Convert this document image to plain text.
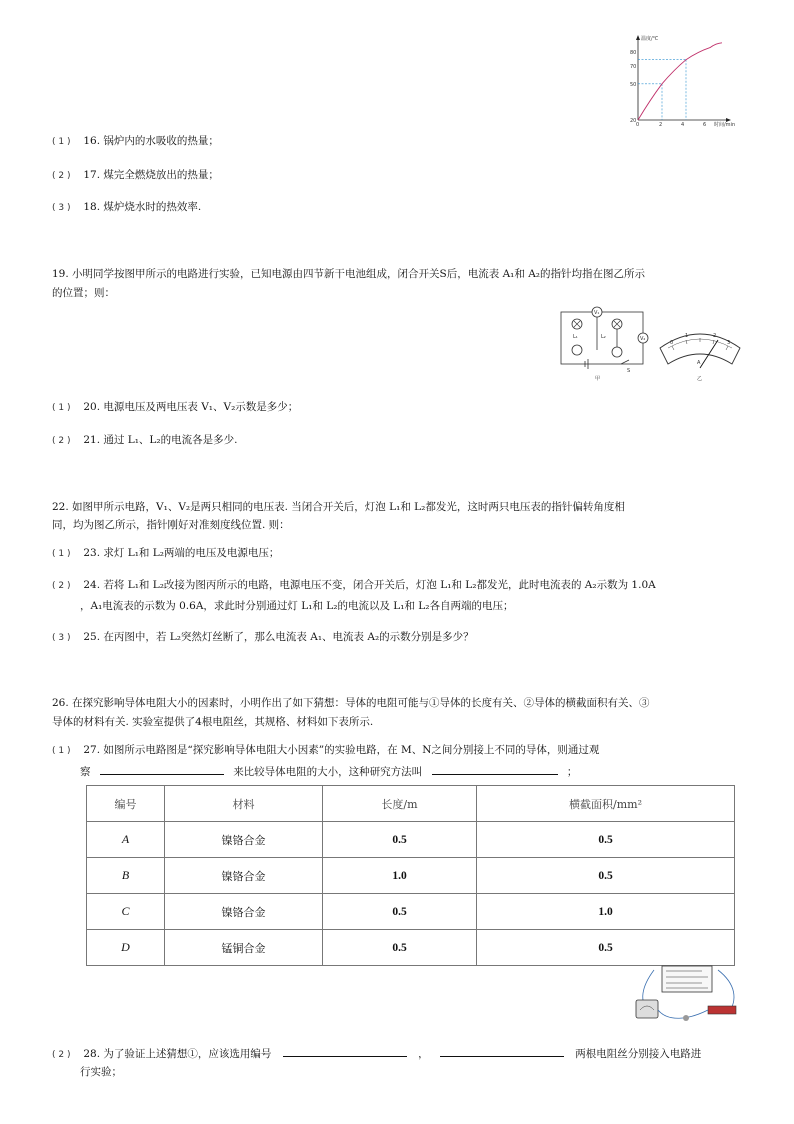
温度/℃
时间/min
80
70
50
20
0	2	4	6
( 1 ) 16. 锅炉内的水吸收的热量；
( 2 ) 17. 煤完全燃烧放出的热量；
( 3 ) 18. 煤炉烧水时的热效率.
19. 小明同学按图甲所示的电路进行实验，已知电源由四节新干电池组成，闭合开关S后，电流表 A₁和 A₂的指针均指在图乙所示
的位置；则：
L₁	L₂
V₁
V₂
S
甲
0
1	2
3
A
乙
( 1 ) 20. 电源电压及两电压表 V₁、V₂示数是多少；
( 2 ) 21. 通过 L₁、L₂的电流各是多少.
22. 如图甲所示电路，V₁、V₂是两只相同的电压表. 当闭合开关后，灯泡 L₁和 L₂都发光，这时两只电压表的指针偏转角度相
同，均为图乙所示，指针刚好对准刻度线位置. 则：
( 1 ) 23. 求灯 L₁和 L₂两端的电压及电源电压；
( 2 ) 24. 若将 L₁和 L₂改接为图丙所示的电路，电源电压不变，闭合开关后，灯泡 L₁和 L₂都发光，此时电流表的 A₂示数为 1.0A
，A₁电流表的示数为 0.6A，求此时分别通过灯 L₁和 L₂的电流以及 L₁和 L₂各自两端的电压；
( 3 ) 25. 在丙图中，若 L₂突然灯丝断了，那么电流表 A₁、电流表 A₂的示数分别是多少？
26. 在探究影响导体电阻大小的因素时，小明作出了如下猜想：导体的电阻可能与①导体的长度有关、②导体的横截面积有关、③
导体的材料有关. 实验室提供了4根电阻丝，其规格、材料如下表所示.
( 1 ) 27. 如图所示电路图是“探究影响导体电阻大小因素”的实验电路，在 M、N之间分别接上不同的导体，则通过观
察	来比较导体电阻的大小，这种研究方法叫	；
编号	材料	长度/m	横截面积/mm²
A	镍铬合金	0.5	0.5
B	镍铬合金	1.0	0.5
C	镍铬合金	0.5	1.0
D	锰铜合金	0.5	0.5
( 2 ) 28. 为了验证上述猜想①，应该选用编号	，	两根电阻丝分别接入电路进
行实验；
